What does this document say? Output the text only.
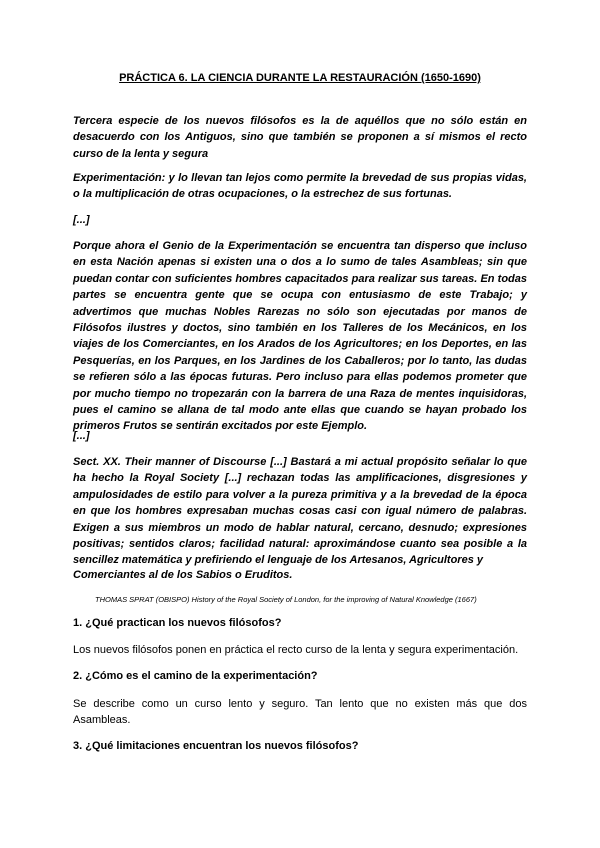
PRÁCTICA 6. LA CIENCIA DURANTE LA RESTAURACIÓN (1650-1690)

Tercera especie de los nuevos filósofos es la de aquéllos que no sólo están en desacuerdo con los Antiguos, sino que también se proponen a sí mismos el recto curso de la lenta y segura

Experimentación: y lo llevan tan lejos como permite la brevedad de sus propias vidas, o la multiplicación de otras ocupaciones, o la estrechez de sus fortunas.

[...]

Porque ahora el Genio de la Experimentación se encuentra tan disperso que incluso en esta Nación apenas si existen una o dos a lo sumo de tales Asambleas; sin que puedan contar con suficientes hombres capacitados para realizar sus tareas. En todas partes se encuentra gente que se ocupa con entusiasmo de este Trabajo; y advertimos que muchas Nobles Rarezas no sólo son ejecutadas por manos de Filósofos ilustres y doctos, sino también en los Talleres de los Mecánicos, en los viajes de los Comerciantes, en los Arados de los Agricultores; en los Deportes, en las Pesquerías, en los Parques, en los Jardines de los Caballeros; por lo tanto, las dudas se refieren sólo a las épocas futuras. Pero incluso para ellas podemos prometer que por mucho tiempo no tropezarán con la barrera de una Raza de mentes inquisidoras, pues el camino se allana de tal modo ante ellas que cuando se hayan probado los primeros Frutos se sentirán excitados por este Ejemplo.

[...]

Sect. XX. Their manner of Discourse [...] Bastará a mi actual propósito señalar lo que ha hecho la Royal Society [...] rechazan todas las amplificaciones, disgresiones y ampulosidades de estilo para volver a la pureza primitiva y a la brevedad de la época en que los hombres expresaban muchas cosas casi con igual número de palabras. Exigen a sus miembros un modo de hablar natural, cercano, desnudo; expresiones positivas; sentidos claros; facilidad natural: aproximándose cuanto sea posible a la sencillez matemática y prefiriendo el lenguaje de los Artesanos, Agricultores y

Comerciantes al de los Sabios o Eruditos.

THOMAS SPRAT (OBISPO) History of the Royal Society of London, for the improving of Natural Knowledge (1667)

1. ¿Qué practican los nuevos filósofos?

Los nuevos filósofos ponen en práctica el recto curso de la lenta y segura experimentación.

2. ¿Cómo es el camino de la experimentación?

Se describe como un curso lento y seguro. Tan lento que no existen más que dos Asambleas.

3. ¿Qué limitaciones encuentran los nuevos filósofos?
